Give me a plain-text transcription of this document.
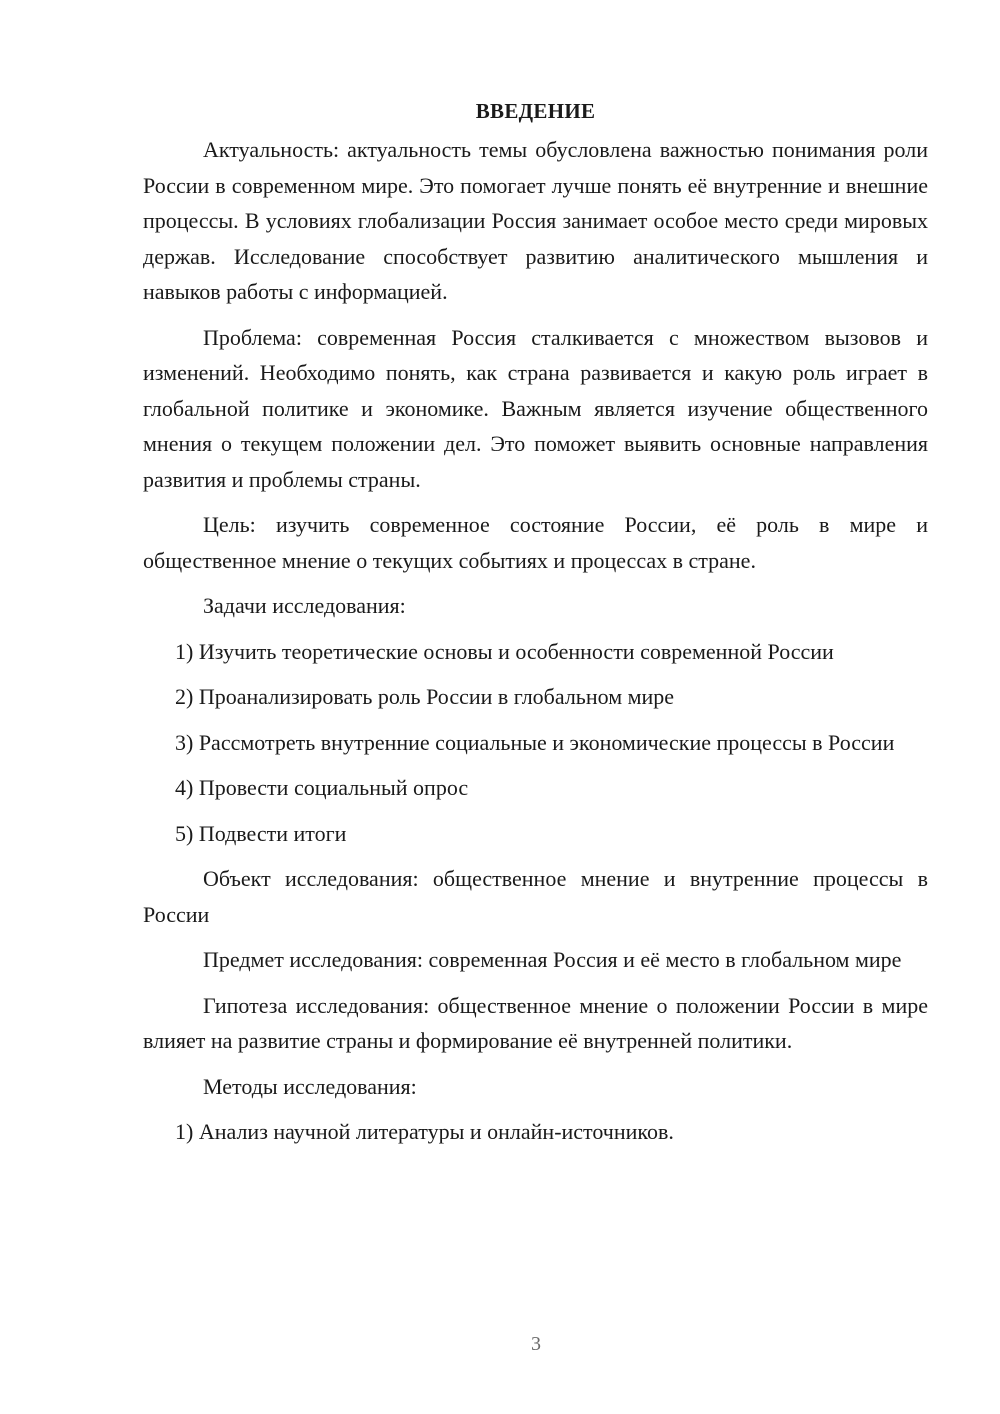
ВВЕДЕНИЕ

Актуальность: актуальность темы обусловлена важностью понимания роли России в современном мире. Это помогает лучше понять её внутренние и внешние процессы. В условиях глобализации Россия занимает особое место среди мировых держав. Исследование способствует развитию аналитического мышления и навыков работы с информацией.

Проблема: современная Россия сталкивается с множеством вызовов и изменений. Необходимо понять, как страна развивается и какую роль играет в глобальной политике и экономике. Важным является изучение общественного мнения о текущем положении дел. Это поможет выявить основные направления развития и проблемы страны.

Цель: изучить современное состояние России, её роль в мире и общественное мнение о текущих событиях и процессах в стране.

Задачи исследования:

1) Изучить теоретические основы и особенности современной России

2) Проанализировать роль России в глобальном мире

3) Рассмотреть внутренние социальные и экономические процессы в России

4) Провести социальный опрос

5) Подвести итоги

Объект исследования: общественное мнение и внутренние процессы в России

Предмет исследования: современная Россия и её место в глобальном мире

Гипотеза исследования: общественное мнение о положении России в мире влияет на развитие страны и формирование её внутренней политики.

Методы исследования:

1) Анализ научной литературы и онлайн-источников.

3
